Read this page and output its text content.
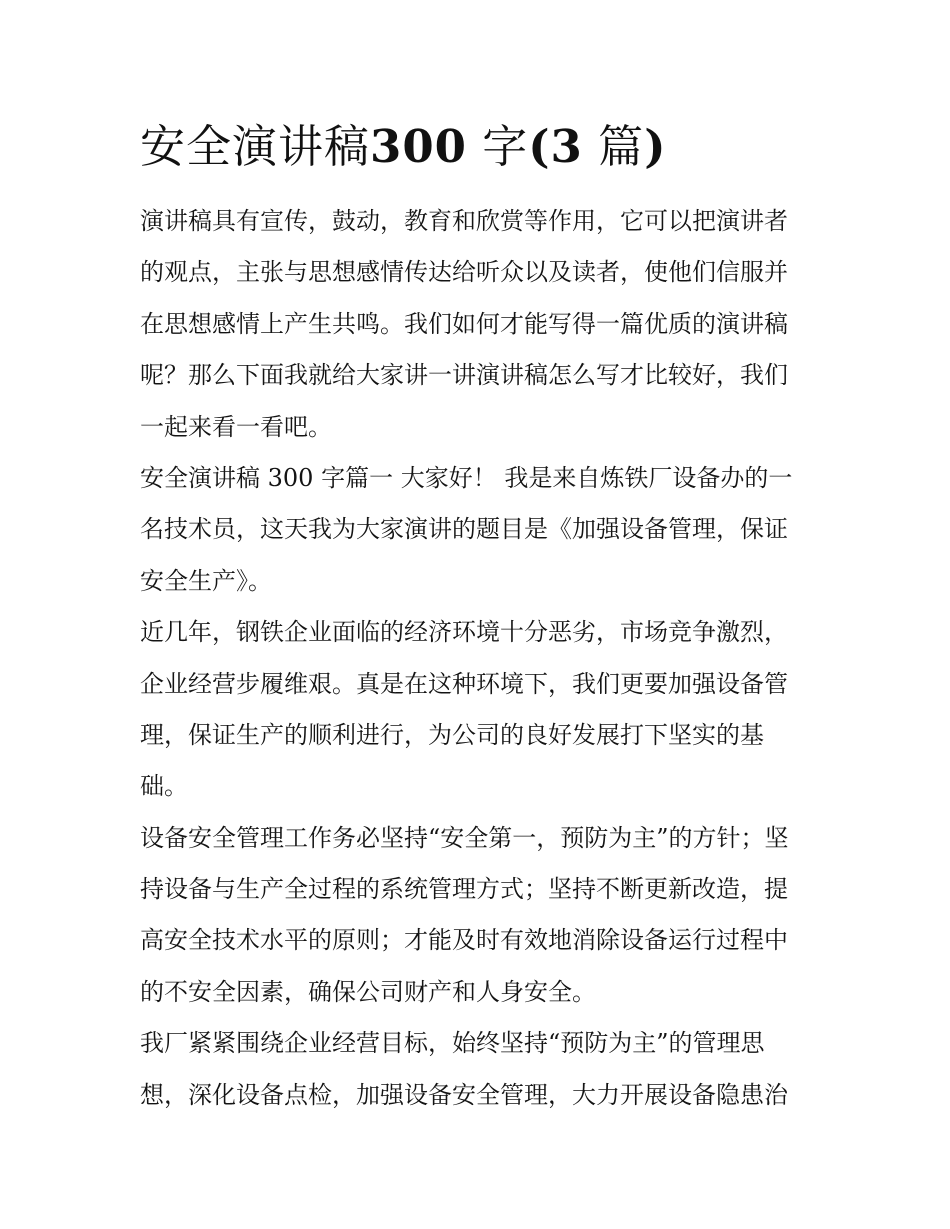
安全演讲稿300 字(3 篇)

演讲稿具有宣传，鼓动，教育和欣赏等作用，它可以把演讲者
的观点，主张与思想感情传达给听众以及读者，使他们信服并
在思想感情上产生共鸣。我们如何才能写得一篇优质的演讲稿
呢？那么下面我就给大家讲一讲演讲稿怎么写才比较好，我们
一起来看一看吧。

安全演讲稿 300 字篇一 大家好！ 我是来自炼铁厂设备办的一
名技术员，这天我为大家演讲的题目是《加强设备管理，保证
安全生产》。

近几年，钢铁企业面临的经济环境十分恶劣，市场竞争激烈，
企业经营步履维艰。真是在这种环境下，我们更要加强设备管
理，保证生产的顺利进行，为公司的良好发展打下坚实的基
础。

设备安全管理工作务必坚持“安全第一，预防为主”的方针；坚
持设备与生产全过程的系统管理方式；坚持不断更新改造，提
高安全技术水平的原则；才能及时有效地消除设备运行过程中
的不安全因素，确保公司财产和人身安全。

我厂紧紧围绕企业经营目标，始终坚持“预防为主”的管理思
想，深化设备点检，加强设备安全管理，大力开展设备隐患治
